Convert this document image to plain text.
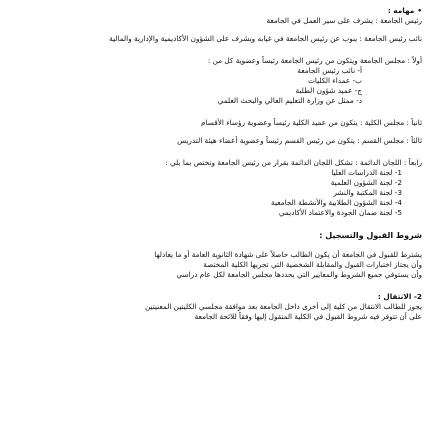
•مهامه :

رئيس الجامعة : يشرف على سير العمل في الجامعة

نائب رئيس الجامعة : ينوب عن رئيس الجامعة في غيابه ويشرف على الشؤون الأكاديمية والإدارية والمالية

أولاً : مجلس الجامعة ويتكون من رئيس الجامعة رئيساً وعضوية كل من :

أ- نائب رئيس الجامعة

ب- عمداء الكليات

ج- عميد شؤون الطلبة

د- ممثل عن وزارة التعليم العالي والبحث العلمي

ثانياً : مجلس الكلية : يتكون من عميد الكلية رئيساً وعضوية رؤساء الأقسام

ثالثاً : مجلس القسم : يتكون من رئيس القسم رئيساً وعضوية أعضاء هيئة التدريس

رابعاً : اللجان الدائمة : تشكل اللجان الدائمة بقرار من رئيس الجامعة وتختص بما يلي :

1- لجنة الدراسات العليا

2- لجنة الشؤون العلمية

3- لجنة المكتبة والنشر

4- لجنة الشؤون الطلابية والأنشطة الجامعية

5- لجنة ضمان الجودة والاعتماد الأكاديمي

شروط القبول والتسجيل :

يشترط للقبول في الجامعة أن يكون الطالب حاصلاً على شهادة الثانوية العامة أو ما يعادلها

وأن يجتاز اختبارات القبول والمقابلة الشخصية التي تجريها الكلية المختصة

وأن يستوفي جميع الشروط والمعايير التي يحددها مجلس الجامعة لكل عام دراسي

2- الانتقال :

يجوز للطالب الانتقال من كلية إلى أخرى داخل الجامعة بعد موافقة مجلسي الكليتين المعنيتين

على أن تتوفر فيه شروط القبول في الكلية المنقول إليها وفقاً للائحة الجامعة
